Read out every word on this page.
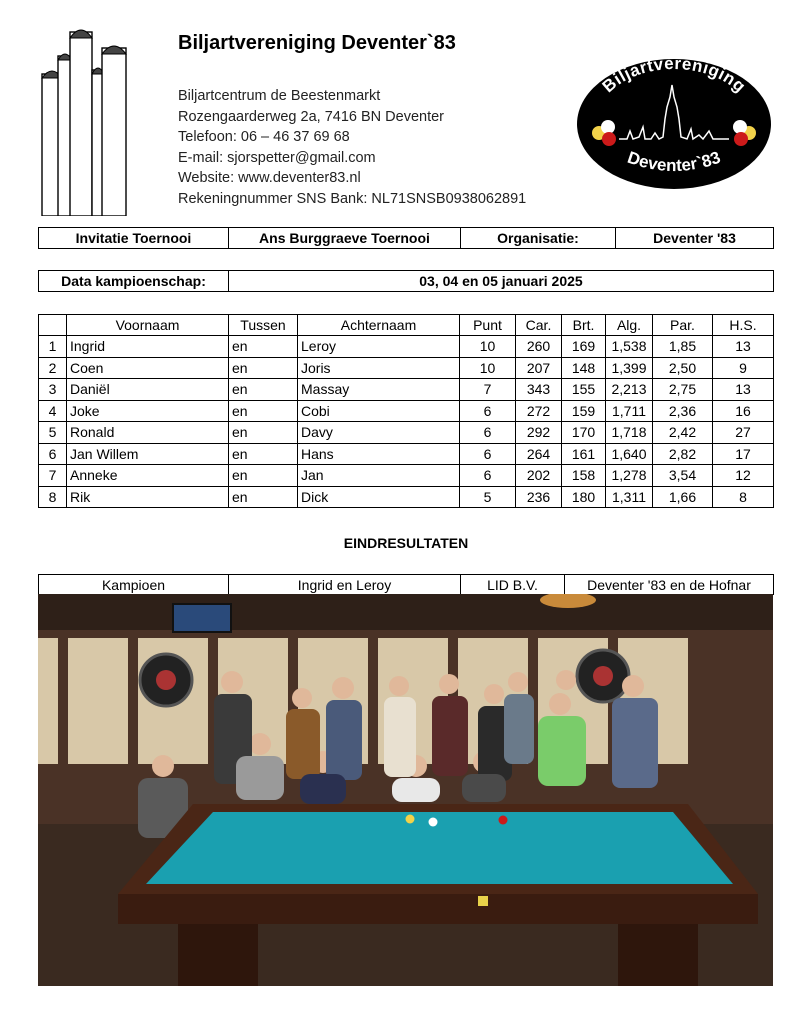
Biljartvereniging Deventer`83
Biljartcentrum de Beestenmarkt
Rozengaarderweg 2a, 7416 BN Deventer
Telefoon: 06 – 46 37 69 68
E-mail: sjorspetter@gmail.com
Website: www.deventer83.nl
Rekeningnummer SNS Bank: NL71SNSB0938062891
Biljartvereniging
Deventer`83
Invitatie Toernooi	Ans Burggraeve Toernooi	Organisatie:	Deventer '83
Data kampioenschap:	03, 04 en 05 januari 2025
	Voornaam	Tussen	Achternaam	Punt	Car.	Brt.	Alg.	Par.	H.S.
1	Ingrid	en	Leroy	10	260	169	1,538	1,85	13
2	Coen	en	Joris	10	207	148	1,399	2,50	9
3	Daniël	en	Massay	7	343	155	2,213	2,75	13
4	Joke	en	Cobi	6	272	159	1,711	2,36	16
5	Ronald	en	Davy	6	292	170	1,718	2,42	27
6	Jan Willem	en	Hans	6	264	161	1,640	2,82	17
7	Anneke	en	Jan	6	202	158	1,278	3,54	12
8	Rik	en	Dick	5	236	180	1,311	1,66	8
EINDRESULTATEN
Kampioen	Ingrid en Leroy	LID B.V.	Deventer '83 en de Hofnar
